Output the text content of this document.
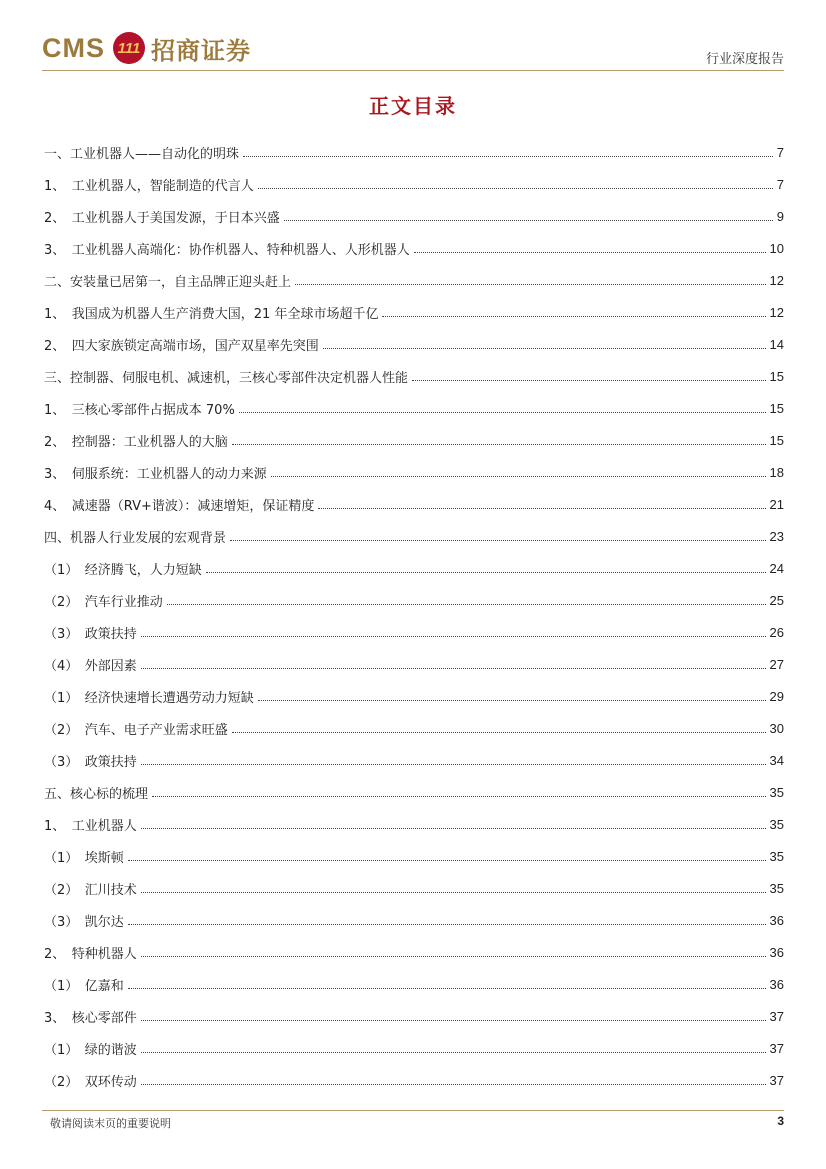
CMS 111 招商证券	行业深度报告
正文目录
一、工业机器人——自动化的明珠	7
1、　工业机器人，智能制造的代言人	7
2、　工业机器人于美国发源，于日本兴盛	9
3、　工业机器人高端化：协作机器人、特种机器人、人形机器人	10
二、安装量已居第一，自主品牌正迎头赶上	12
1、　我国成为机器人生产消费大国，21 年全球市场超千亿	12
2、　四大家族锁定高端市场，国产双星率先突围	14
三、控制器、伺服电机、减速机，三核心零部件决定机器人性能	15
1、　三核心零部件占据成本 70%	15
2、　控制器：工业机器人的大脑	15
3、　伺服系统：工业机器人的动力来源	18
4、　减速器（RV+谐波）：减速增矩，保证精度	21
四、机器人行业发展的宏观背景	23
（1）　经济腾飞，人力短缺	24
（2）　汽车行业推动	25
（3）　政策扶持	26
（4）　外部因素	27
（1）　经济快速增长遭遇劳动力短缺	29
（2）　汽车、电子产业需求旺盛	30
（3）　政策扶持	34
五、核心标的梳理	35
1、　工业机器人	35
（1）　埃斯顿	35
（2）　汇川技术	35
（3）　凯尔达	36
2、　特种机器人	36
（1）　亿嘉和	36
3、　核心零部件	37
（1）　绿的谐波	37
（2）　双环传动	37
敬请阅读末页的重要说明	3
